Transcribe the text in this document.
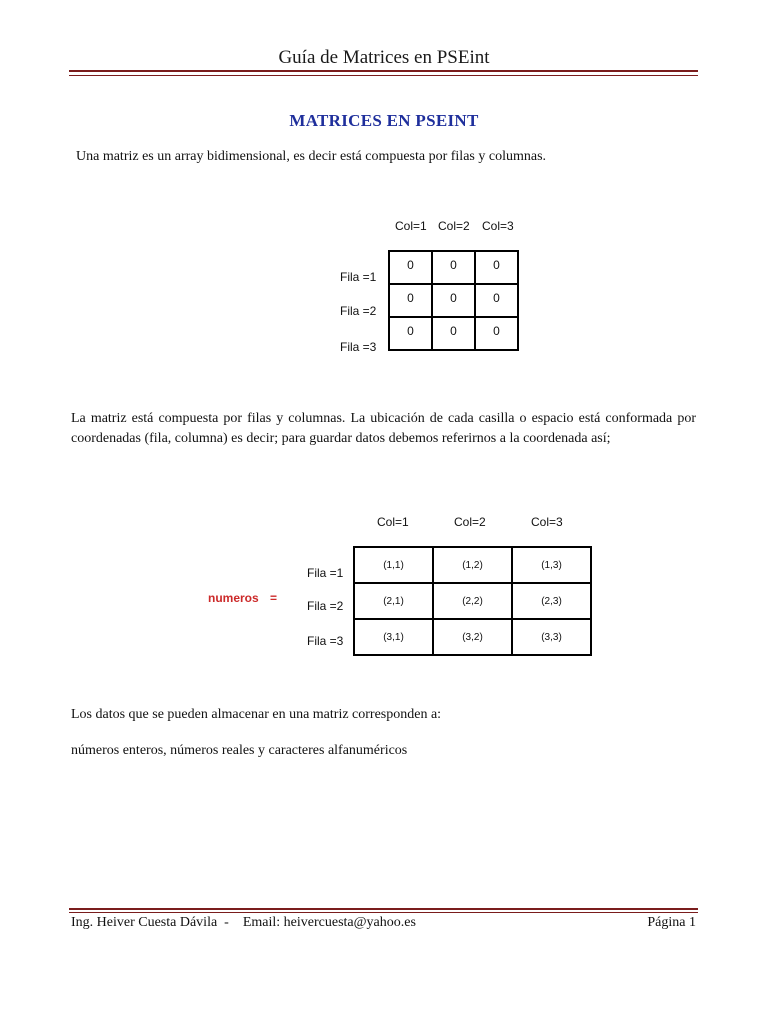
Guía de Matrices en PSEint
MATRICES EN PSEINT
Una matriz es un array bidimensional, es decir está compuesta por filas y columnas.
Col=1 Col=2 Col=3
Fila =1
Fila =2
Fila =3
0	0	0
0	0	0
0	0	0
La matriz está compuesta por filas y columnas. La ubicación de cada casilla o espacio está conformada por coordenadas (fila, columna) es decir; para guardar datos debemos referirnos a la coordenada así;
Col=1	Col=2	Col=3
numeros =
Fila =1
Fila =2
Fila =3
(1,1)	(1,2)	(1,3)
(2,1)	(2,2)	(2,3)
(3,1)	(3,2)	(3,3)
Los datos que se pueden almacenar en una matriz corresponden a:
números enteros, números reales y caracteres alfanuméricos
Ing. Heiver Cuesta Dávila  -    Email: heivercuesta@yahoo.es	Página 1
